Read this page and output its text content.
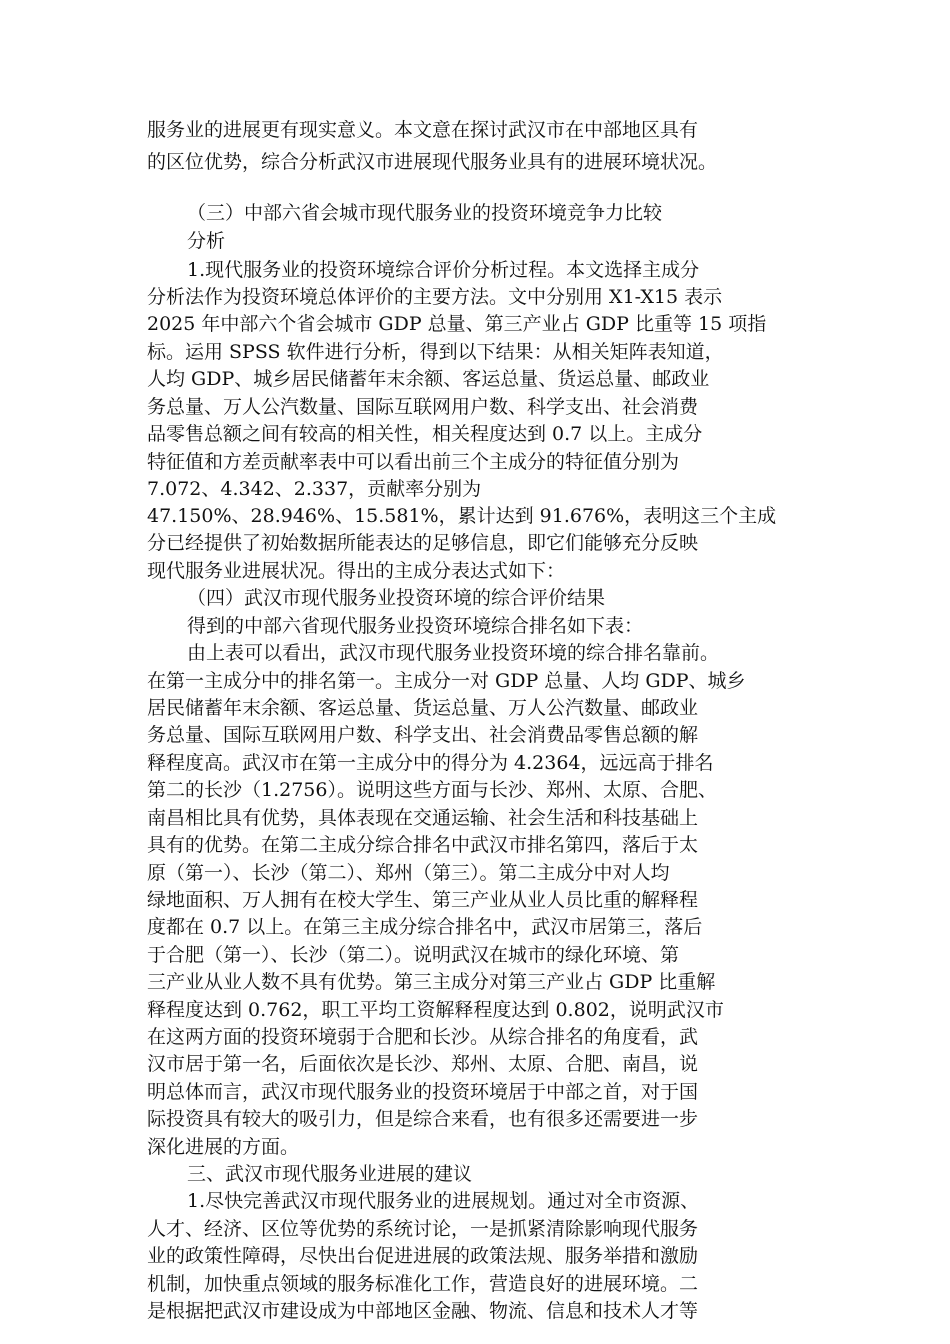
服务业的进展更有现实意义。本文意在探讨武汉市在中部地区具有
的区位优势，综合分析武汉市进展现代服务业具有的进展环境状况。
（三）中部六省会城市现代服务业的投资环境竞争力比较
分析
1.现代服务业的投资环境综合评价分析过程。本文选择主成分
分析法作为投资环境总体评价的主要方法。文中分别用 X1-X15 表示
2025 年中部六个省会城市 GDP 总量、第三产业占 GDP 比重等 15 项指
标。运用 SPSS 软件进行分析，得到以下结果：从相关矩阵表知道，
人均 GDP、城乡居民储蓄年末余额、客运总量、货运总量、邮政业
务总量、万人公汽数量、国际互联网用户数、科学支出、社会消费
品零售总额之间有较高的相关性，相关程度达到 0.7 以上。主成分
特征值和方差贡献率表中可以看出前三个主成分的特征值分别为
7.072、4.342、2.337，贡献率分别为
47.150%、28.946%、15.581%，累计达到 91.676%，表明这三个主成
分已经提供了初始数据所能表达的足够信息，即它们能够充分反映
现代服务业进展状况。得出的主成分表达式如下：
（四）武汉市现代服务业投资环境的综合评价结果
得到的中部六省现代服务业投资环境综合排名如下表：
由上表可以看出，武汉市现代服务业投资环境的综合排名靠前。
在第一主成分中的排名第一。主成分一对 GDP 总量、人均 GDP、城乡
居民储蓄年末余额、客运总量、货运总量、万人公汽数量、邮政业
务总量、国际互联网用户数、科学支出、社会消费品零售总额的解
释程度高。武汉市在第一主成分中的得分为 4.2364，远远高于排名
第二的长沙（1.2756）。说明这些方面与长沙、郑州、太原、合肥、
南昌相比具有优势，具体表现在交通运输、社会生活和科技基础上
具有的优势。在第二主成分综合排名中武汉市排名第四，落后于太
原（第一）、长沙（第二）、郑州（第三）。第二主成分中对人均
绿地面积、万人拥有在校大学生、第三产业从业人员比重的解释程
度都在 0.7 以上。在第三主成分综合排名中，武汉市居第三，落后
于合肥（第一）、长沙（第二）。说明武汉在城市的绿化环境、第
三产业从业人数不具有优势。第三主成分对第三产业占 GDP 比重解
释程度达到 0.762，职工平均工资解释程度达到 0.802，说明武汉市
在这两方面的投资环境弱于合肥和长沙。从综合排名的角度看，武
汉市居于第一名，后面依次是长沙、郑州、太原、合肥、南昌，说
明总体而言，武汉市现代服务业的投资环境居于中部之首，对于国
际投资具有较大的吸引力，但是综合来看，也有很多还需要进一步
深化进展的方面。
三、武汉市现代服务业进展的建议
1.尽快完善武汉市现代服务业的进展规划。通过对全市资源、
人才、经济、区位等优势的系统讨论，一是抓紧清除影响现代服务
业的政策性障碍，尽快出台促进进展的政策法规、服务举措和激励
机制，加快重点领域的服务标准化工作，营造良好的进展环境。二
是根据把武汉市建设成为中部地区金融、物流、信息和技术人才等
